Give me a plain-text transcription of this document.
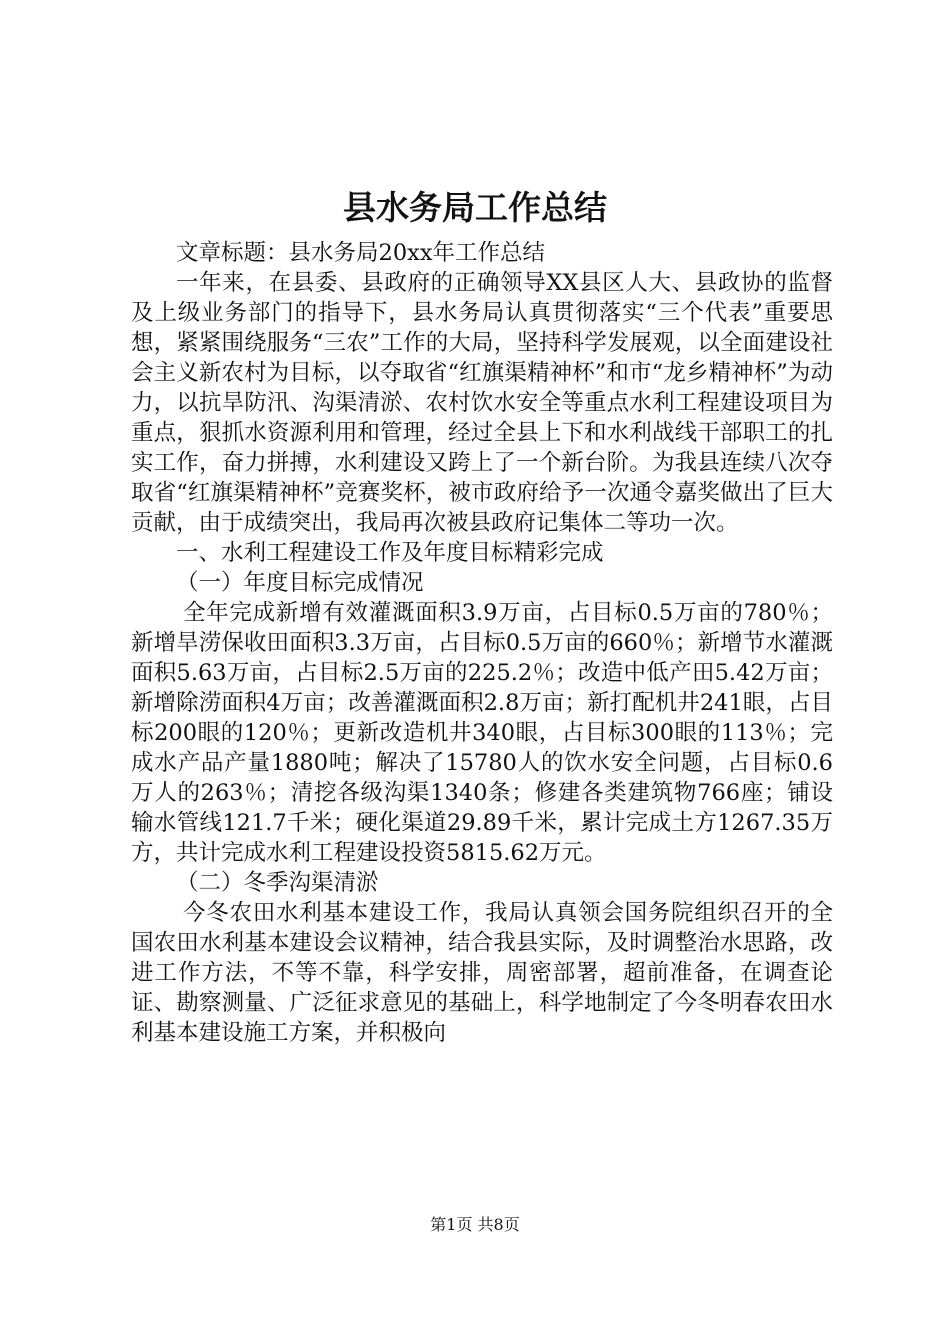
县水务局工作总结

文章标题：县水务局20xx年工作总结

一年来，在县委、县政府的正确领导XX县区人大、县政协的监督及上级业务部门的指导下，县水务局认真贯彻落实“三个代表”重要思想，紧紧围绕服务“三农”工作的大局，坚持科学发展观，以全面建设社会主义新农村为目标，以夺取省“红旗渠精神杯”和市“龙乡精神杯”为动力，以抗旱防汛、沟渠清淤、农村饮水安全等重点水利工程建设项目为重点，狠抓水资源利用和管理，经过全县上下和水利战线干部职工的扎实工作，奋力拼搏，水利建设又跨上了一个新台阶。为我县连续八次夺取省“红旗渠精神杯”竞赛奖杯，被市政府给予一次通令嘉奖做出了巨大贡献，由于成绩突出，我局再次被县政府记集体二等功一次。

一、水利工程建设工作及年度目标精彩完成

（一）年度目标完成情况

全年完成新增有效灌溉面积3.9万亩，占目标0.5万亩的780％；新增旱涝保收田面积3.3万亩，占目标0.5万亩的660％；新增节水灌溉面积5.63万亩，占目标2.5万亩的225.2％；改造中低产田5.42万亩；新增除涝面积4万亩；改善灌溉面积2.8万亩；新打配机井241眼，占目标200眼的120％；更新改造机井340眼，占目标300眼的113％；完成水产品产量1880吨；解决了15780人的饮水安全问题，占目标0.6万人的263％；清挖各级沟渠1340条；修建各类建筑物766座；铺设输水管线121.7千米；硬化渠道29.89千米，累计完成土方1267.35万方，共计完成水利工程建设投资5815.62万元。

（二）冬季沟渠清淤

今冬农田水利基本建设工作，我局认真领会国务院组织召开的全国农田水利基本建设会议精神，结合我县实际，及时调整治水思路，改进工作方法，不等不靠，科学安排，周密部署，超前准备，在调查论证、勘察测量、广泛征求意见的基础上，科学地制定了今冬明春农田水利基本建设施工方案，并积极向

第1页 共8页
